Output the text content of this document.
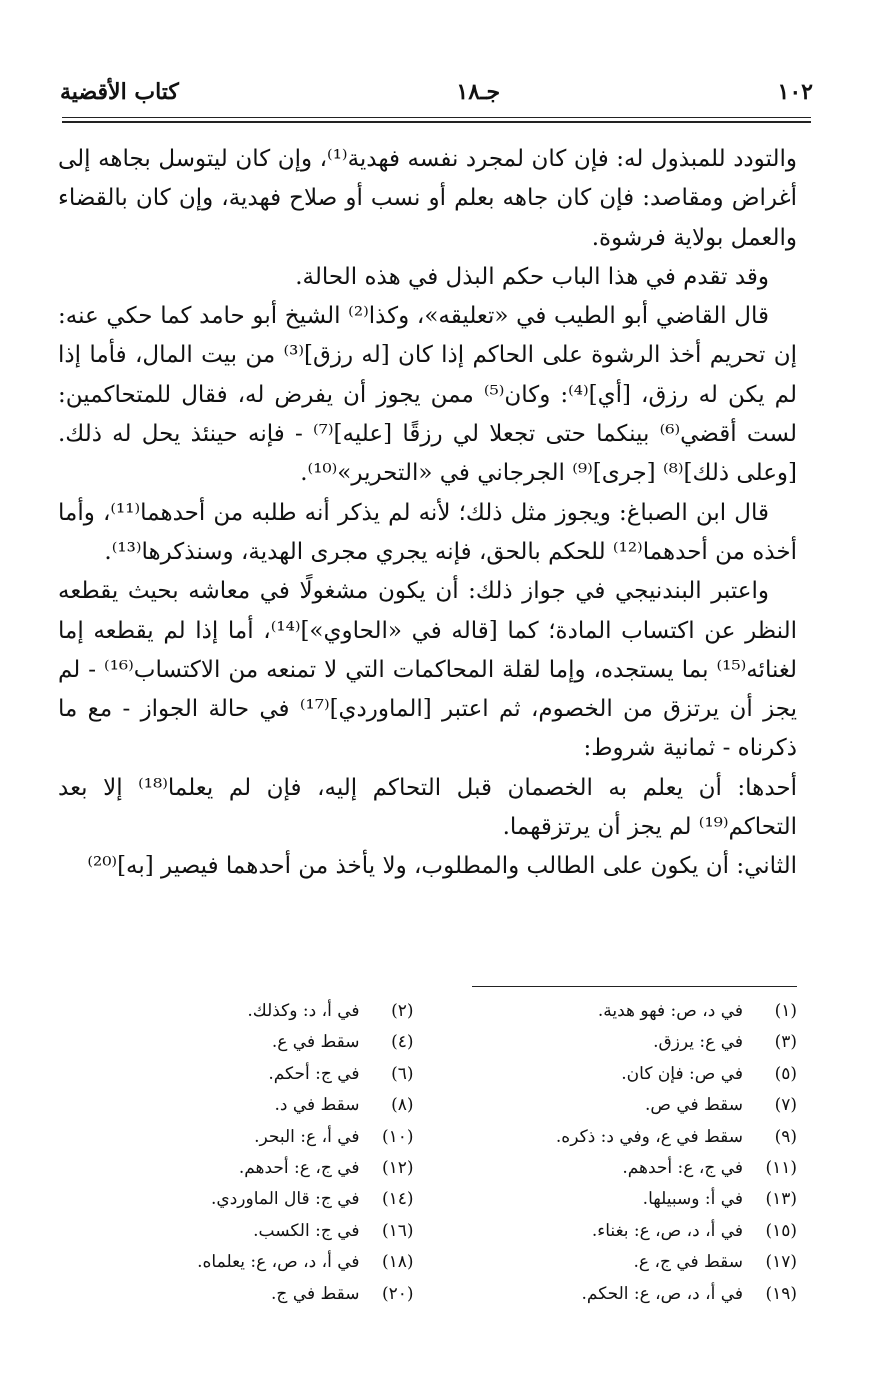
١٠٢
جـ١٨
كتاب الأقضية

والتودد للمبذول له: فإن كان لمجرد نفسه فهدية⁽¹⁾، وإن كان ليتوسل بجاهه إلى أغراض ومقاصد: فإن كان جاهه بعلم أو نسب أو صلاح فهدية، وإن كان بالقضاء والعمل بولاية فرشوة.

وقد تقدم في هذا الباب حكم البذل في هذه الحالة.

قال القاضي أبو الطيب في «تعليقه»، وكذا⁽²⁾ الشيخ أبو حامد كما حكي عنه: إن تحريم أخذ الرشوة على الحاكم إذا كان [له رزق]⁽³⁾ من بيت المال، فأما إذا لم يكن له رزق، [أي]⁽⁴⁾: وكان⁽⁵⁾ ممن يجوز أن يفرض له، فقال للمتحاكمين: لست أقضي⁽⁶⁾ بينكما حتى تجعلا لي رزقًا [عليه]⁽⁷⁾ - فإنه حينئذ يحل له ذلك. [وعلى ذلك]⁽⁸⁾ [جرى]⁽⁹⁾ الجرجاني في «التحرير»⁽¹⁰⁾.

قال ابن الصباغ: ويجوز مثل ذلك؛ لأنه لم يذكر أنه طلبه من أحدهما⁽¹¹⁾، وأما أخذه من أحدهما⁽¹²⁾ للحكم بالحق، فإنه يجري مجرى الهدية، وسنذكرها⁽¹³⁾.

واعتبر البندنيجي في جواز ذلك: أن يكون مشغولًا في معاشه بحيث يقطعه النظر عن اكتساب المادة؛ كما [قاله في «الحاوي»]⁽¹⁴⁾، أما إذا لم يقطعه إما لغنائه⁽¹⁵⁾ بما يستجده، وإما لقلة المحاكمات التي لا تمنعه من الاكتساب⁽¹⁶⁾ - لم يجز أن يرتزق من الخصوم، ثم اعتبر [الماوردي]⁽¹⁷⁾ في حالة الجواز - مع ما ذكرناه - ثمانية شروط:

أحدها: أن يعلم به الخصمان قبل التحاكم إليه، فإن لم يعلما⁽¹⁸⁾ إلا بعد التحاكم⁽¹⁹⁾ لم يجز أن يرتزقهما.

الثاني: أن يكون على الطالب والمطلوب، ولا يأخذ من أحدهما فيصير [به]⁽²⁰⁾

(١)في د، ص: فهو هدية.
(٢)في أ، د: وكذلك.
(٣)في ع: يرزق.
(٤)سقط في ع.
(٥)في ص: فإن كان.
(٦)في ج: أحكم.
(٧)سقط في ص.
(٨)سقط في د.
(٩)سقط في ع، وفي د: ذكره.
(١٠)في أ، ع: البحر.
(١١)في ج، ع: أحدهم.
(١٢)في ج، ع: أحدهم.
(١٣)في أ: وسبيلها.
(١٤)في ج: قال الماوردي.
(١٥)في أ، د، ص، ع: بغناء.
(١٦)في ج: الكسب.
(١٧)سقط في ج، ع.
(١٨)في أ، د، ص، ع: يعلماه.
(١٩)في أ، د، ص، ع: الحكم.
(٢٠)سقط في ج.
